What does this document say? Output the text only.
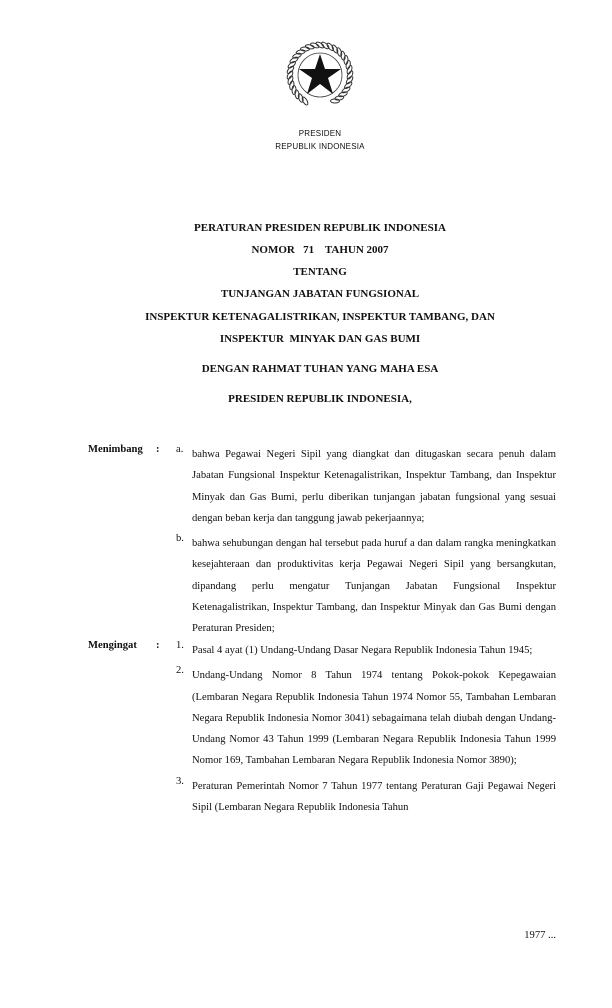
PRESIDEN
REPUBLIK INDONESIA
PERATURAN PRESIDEN REPUBLIK INDONESIA
NOMOR   71    TAHUN 2007
TENTANG
TUNJANGAN JABATAN FUNGSIONAL
INSPEKTUR KETENAGALISTRIKAN, INSPEKTUR TAMBANG, DAN
INSPEKTUR  MINYAK DAN GAS BUMI
DENGAN RAHMAT TUHAN YANG MAHA ESA
PRESIDEN REPUBLIK INDONESIA,
Menimbang : a. bahwa Pegawai Negeri Sipil yang diangkat dan ditugaskan secara penuh dalam Jabatan Fungsional Inspektur Ketenagalistrikan, Inspektur Tambang, dan Inspektur Minyak dan Gas Bumi, perlu diberikan tunjangan jabatan fungsional yang sesuai dengan beban kerja dan tanggung jawab pekerjaannya;
b. bahwa sehubungan dengan hal tersebut pada huruf a dan dalam rangka meningkatkan kesejahteraan dan produktivitas kerja Pegawai Negeri Sipil yang bersangkutan, dipandang perlu mengatur Tunjangan Jabatan Fungsional Inspektur Ketenagalistrikan, Inspektur Tambang, dan Inspektur Minyak dan Gas Bumi dengan Peraturan Presiden;
Mengingat : 1. Pasal 4 ayat (1) Undang-Undang Dasar Negara Republik Indonesia Tahun 1945;
2. Undang-Undang Nomor 8 Tahun 1974 tentang Pokok-pokok Kepegawaian (Lembaran Negara Republik Indonesia Tahun 1974 Nomor 55, Tambahan Lembaran Negara Republik Indonesia Nomor 3041) sebagaimana telah diubah dengan Undang-Undang Nomor 43 Tahun 1999 (Lembaran Negara Republik Indonesia Tahun 1999 Nomor 169, Tambahan Lembaran Negara Republik Indonesia Nomor 3890);
3. Peraturan Pemerintah Nomor 7 Tahun 1977 tentang Peraturan Gaji Pegawai Negeri Sipil (Lembaran Negara Republik Indonesia Tahun
1977 ...
